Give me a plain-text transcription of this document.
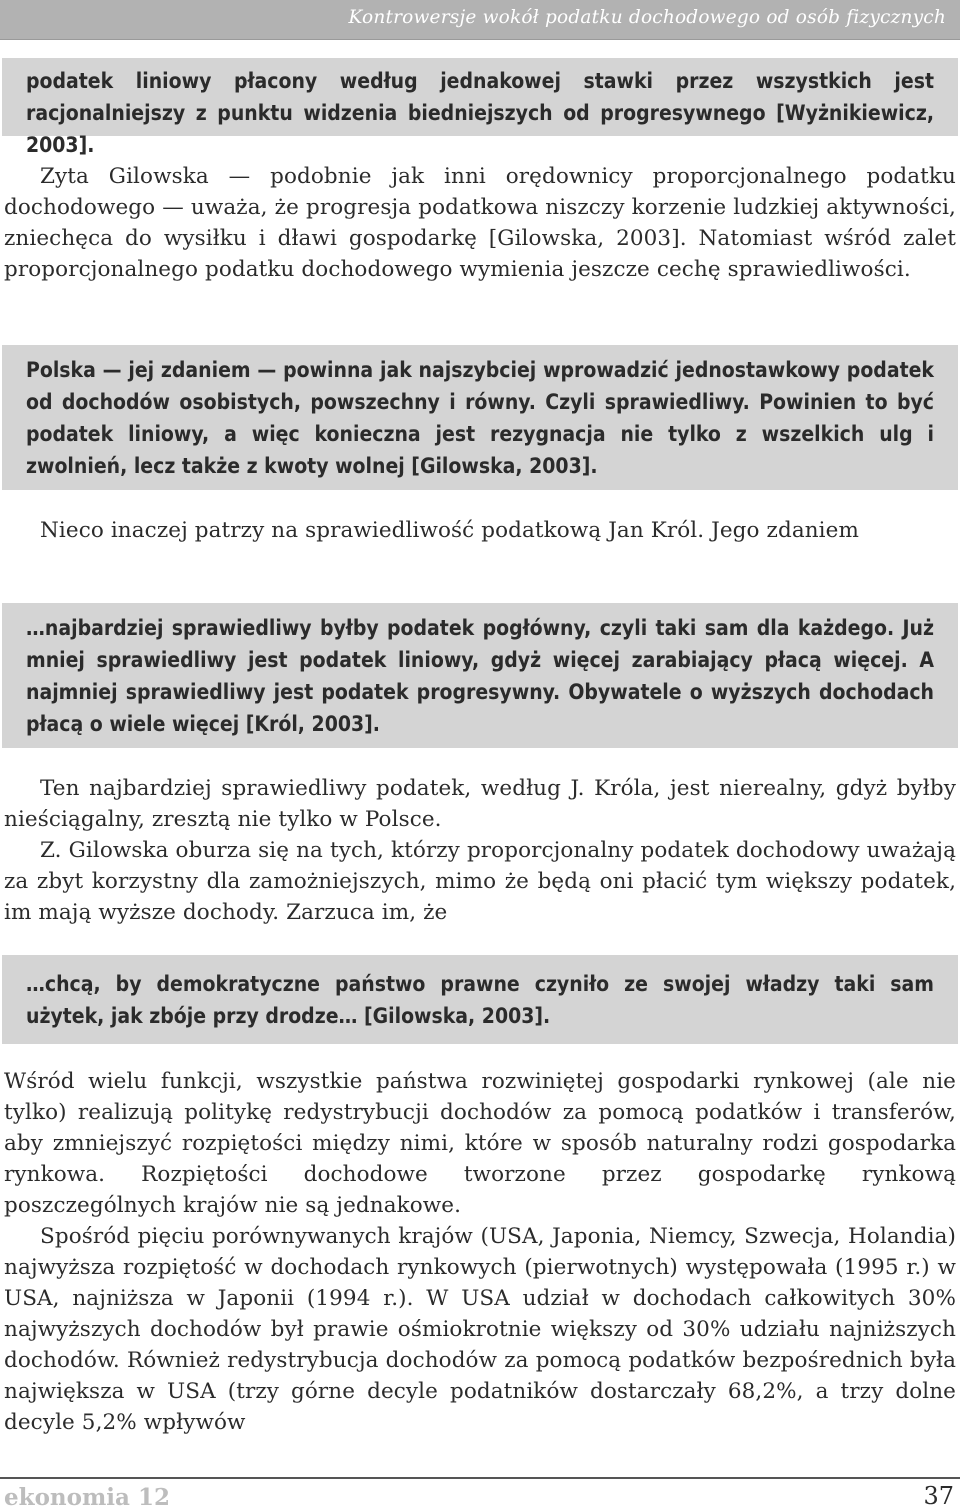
Kontrowersje wokół podatku dochodowego od osób fizycznych
podatek liniowy płacony według jednakowej stawki przez wszystkich jest racjonalniejszy z punktu widzenia biedniejszych od progresywnego [Wyżnikiewicz, 2003].

Zyta Gilowska — podobnie jak inni orędownicy proporcjonalnego podatku dochodowego — uważa, że progresja podatkowa niszczy korzenie ludzkiej aktywności, zniechęca do wysiłku i dławi gospodarkę [Gilowska, 2003]. Natomiast wśród zalet proporcjonalnego podatku dochodowego wymienia jeszcze cechę sprawiedliwości.

Polska — jej zdaniem — powinna jak najszybciej wprowadzić jednostawkowy podatek od dochodów osobistych, powszechny i równy. Czyli sprawiedliwy. Powinien to być podatek liniowy, a więc konieczna jest rezygnacja nie tylko z wszelkich ulg i zwolnień, lecz także z kwoty wolnej [Gilowska, 2003].

Nieco inaczej patrzy na sprawiedliwość podatkową Jan Król. Jego zdaniem

…najbardziej sprawiedliwy byłby podatek pogłówny, czyli taki sam dla każdego. Już mniej sprawiedliwy jest podatek liniowy, gdyż więcej zarabiający płacą więcej. A najmniej sprawiedliwy jest podatek progresywny. Obywatele o wyższych dochodach płacą o wiele więcej [Król, 2003].

Ten najbardziej sprawiedliwy podatek, według J. Króla, jest nierealny, gdyż byłby nieściągalny, zresztą nie tylko w Polsce.

Z. Gilowska oburza się na tych, którzy proporcjonalny podatek dochodowy uważają za zbyt korzystny dla zamożniejszych, mimo że będą oni płacić tym większy podatek, im mają wyższe dochody. Zarzuca im, że

…chcą, by demokratyczne państwo prawne czyniło ze swojej władzy taki sam użytek, jak zbóje przy drodze… [Gilowska, 2003].

Wśród wielu funkcji, wszystkie państwa rozwiniętej gospodarki rynkowej (ale nie tylko) realizują politykę redystrybucji dochodów za pomocą podatków i transferów, aby zmniejszyć rozpiętości między nimi, które w sposób naturalny rodzi gospodarka rynkowa. Rozpiętości dochodowe tworzone przez gospodarkę rynkową poszczególnych krajów nie są jednakowe.

Spośród pięciu porównywanych krajów (USA, Japonia, Niemcy, Szwecja, Holandia) najwyższa rozpiętość w dochodach rynkowych (pierwotnych) występowała (1995 r.) w USA, najniższa w Japonii (1994 r.). W USA udział w dochodach całkowitych 30% najwyższych dochodów był prawie ośmiokrotnie większy od 30% udziału najniższych dochodów. Również redystrybucja dochodów za pomocą podatków bezpośrednich była największa w USA (trzy górne decyle podatników dostarczały 68,2%, a trzy dolne decyle 5,2% wpływów

ekonomia 12	37
